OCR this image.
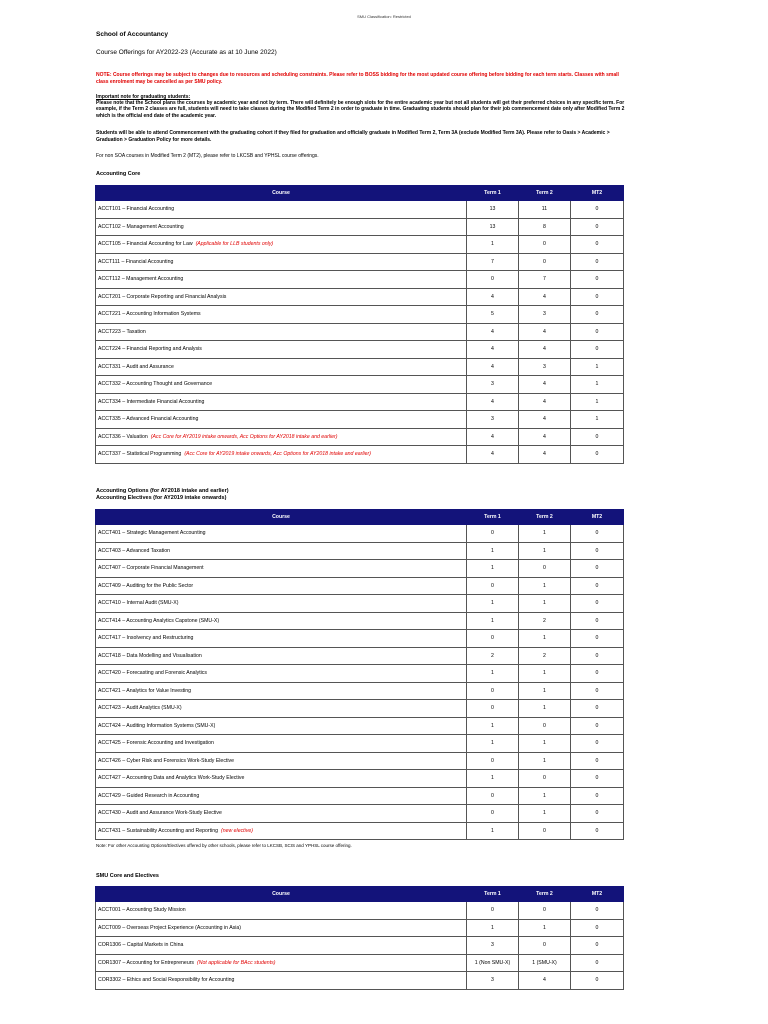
SMU Classification: Restricted
School of Accountancy
Course Offerings for AY2022-23 (Accurate as at 10 June 2022)
NOTE: Course offerings may be subject to changes due to resources and scheduling constraints. Please refer to BOSS bidding for the most updated course offering before bidding for each term starts. Classes with small class enrolment may be cancelled as per SMU policy.
Important note for graduating students:
Please note that the School plans the courses by academic year and not by term. There will definitely be enough slots for the entire academic year but not all students will get their preferred choices in any specific term. For example, if the Term 2 classes are full, students will need to take classes during the Modified Term 2 in order to graduate in time. Graduating students should plan for their job commencement date only after Modified Term 2 which is the official end date of the academic year.
Students will be able to attend Commencement with the graduating cohort if they filed for graduation and officially graduate in Modified Term 2, Term 3A (exclude Modified Term 3A). Please refer to Oasis > Academic > Graduation > Graduation Policy for more details.
For non SOA courses in Modified Term 2 (MT2), please refer to LKCSB and YPHSL course offerings.
Accounting Core
Accounting Options (for AY2018 intake and earlier)
Accounting Electives (for AY2019 intake onwards)
SMU Core and Electives
Course	Term 1	Term 2	MT2
ACCT101 – Financial Accounting	13	11	0
ACCT102 – Management Accounting	13	8	0
ACCT105 – Financial Accounting for Law (Applicable for LLB students only)	1	0	0
ACCT111 – Financial Accounting	7	0	0
ACCT112 – Management Accounting	0	7	0
ACCT201 – Corporate Reporting and Financial Analysis	4	4	0
ACCT221 – Accounting Information Systems	5	3	0
ACCT223 – Taxation	4	4	0
ACCT224 – Financial Reporting and Analysis	4	4	0
ACCT331 – Audit and Assurance	4	3	1
ACCT332 – Accounting Thought and Governance	3	4	1
ACCT334 – Intermediate Financial Accounting	4	4	1
ACCT335 – Advanced Financial Accounting	3	4	1
ACCT336 – Valuation (Acc Core for AY2019 intake onwards, Acc Options for AY2018 intake and earlier)	4	4	0
ACCT337 – Statistical Programming (Acc Core for AY2019 intake onwards, Acc Options for AY2018 intake and earlier)	4	4	0
Course	Term 1	Term 2	MT2
ACCT401 – Strategic Management Accounting	0	1	0
ACCT403 – Advanced Taxation	1	1	0
ACCT407 – Corporate Financial Management	1	0	0
ACCT409 – Auditing for the Public Sector	0	1	0
ACCT410 – Internal Audit (SMU-X)	1	1	0
ACCT414 – Accounting Analytics Capstone (SMU-X)	1	2	0
ACCT417 – Insolvency and Restructuring	0	1	0
ACCT418 – Data Modelling and Visualisation	2	2	0
ACCT420 – Forecasting and Forensic Analytics	1	1	0
ACCT421 – Analytics for Value Investing	0	1	0
ACCT423 – Audit Analytics (SMU-X)	0	1	0
ACCT424 – Auditing Information Systems (SMU-X)	1	0	0
ACCT425 – Forensic Accounting and Investigation	1	1	0
ACCT426 – Cyber Risk and Forensics Work-Study Elective	0	1	0
ACCT427 – Accounting Data and Analytics Work-Study Elective	1	0	0
ACCT429 – Guided Research in Accounting	0	1	0
ACCT430 – Audit and Assurance Work-Study Elective	0	1	0
ACCT431 – Sustainability Accounting and Reporting (new elective)	1	0	0
Note: For other Accounting Options/Electives offered by other schools, please refer to LKCSB, SCIS and YPHSL course offering.
Course	Term 1	Term 2	MT2
ACCT001 – Accounting Study Mission	0	0	0
ACCT009 – Overseas Project Experience (Accounting in Asia)	1	1	0
COR1306 – Capital Markets in China	3	0	0
COR1307 – Accounting for Entrepreneurs (Not applicable for BAcc students)	1 (Non SMU-X)	1 (SMU-X)	0
COR3302 – Ethics and Social Responsibility for Accounting	3	4	0
